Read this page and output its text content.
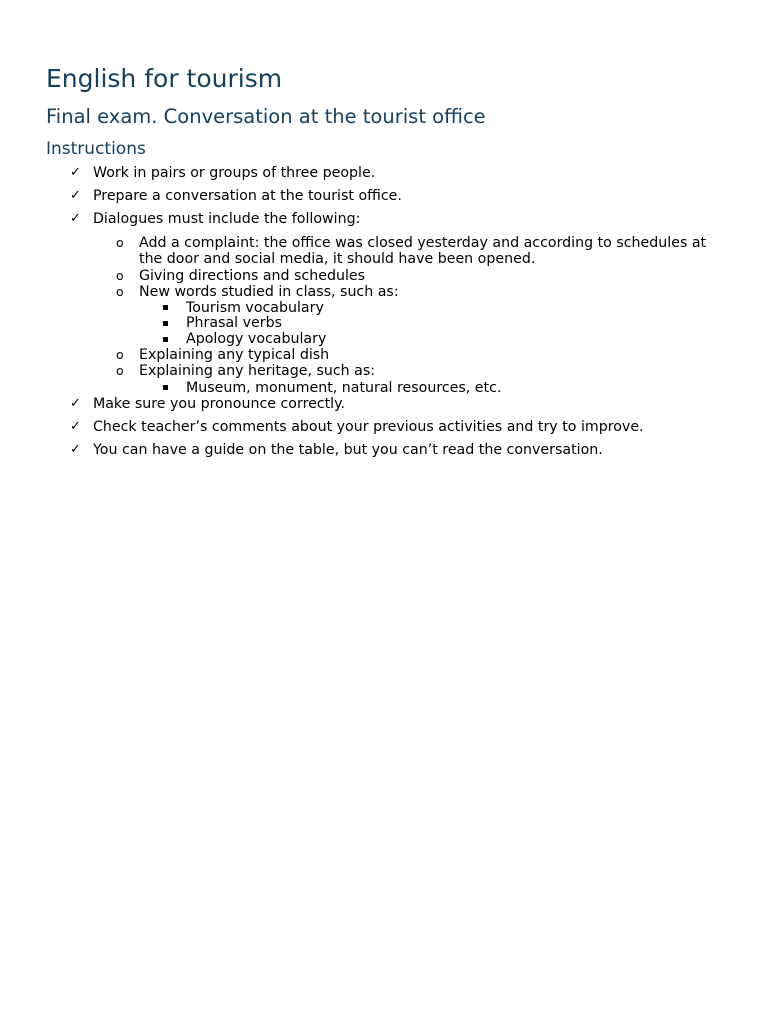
English for tourism
Final exam. Conversation at the tourist office
Instructions
✓ Work in pairs or groups of three people.
✓ Prepare a conversation at the tourist office.
✓ Dialogues must include the following:
o Add a complaint: the office was closed yesterday and according to schedules at
the door and social media, it should have been opened.
o Giving directions and schedules
o New words studied in class, such as:
Tourism vocabulary
Phrasal verbs
Apology vocabulary
o Explaining any typical dish
o Explaining any heritage, such as:
Museum, monument, natural resources, etc.
✓ Make sure you pronounce correctly.
✓ Check teacher’s comments about your previous activities and try to improve.
✓ You can have a guide on the table, but you can’t read the conversation.
